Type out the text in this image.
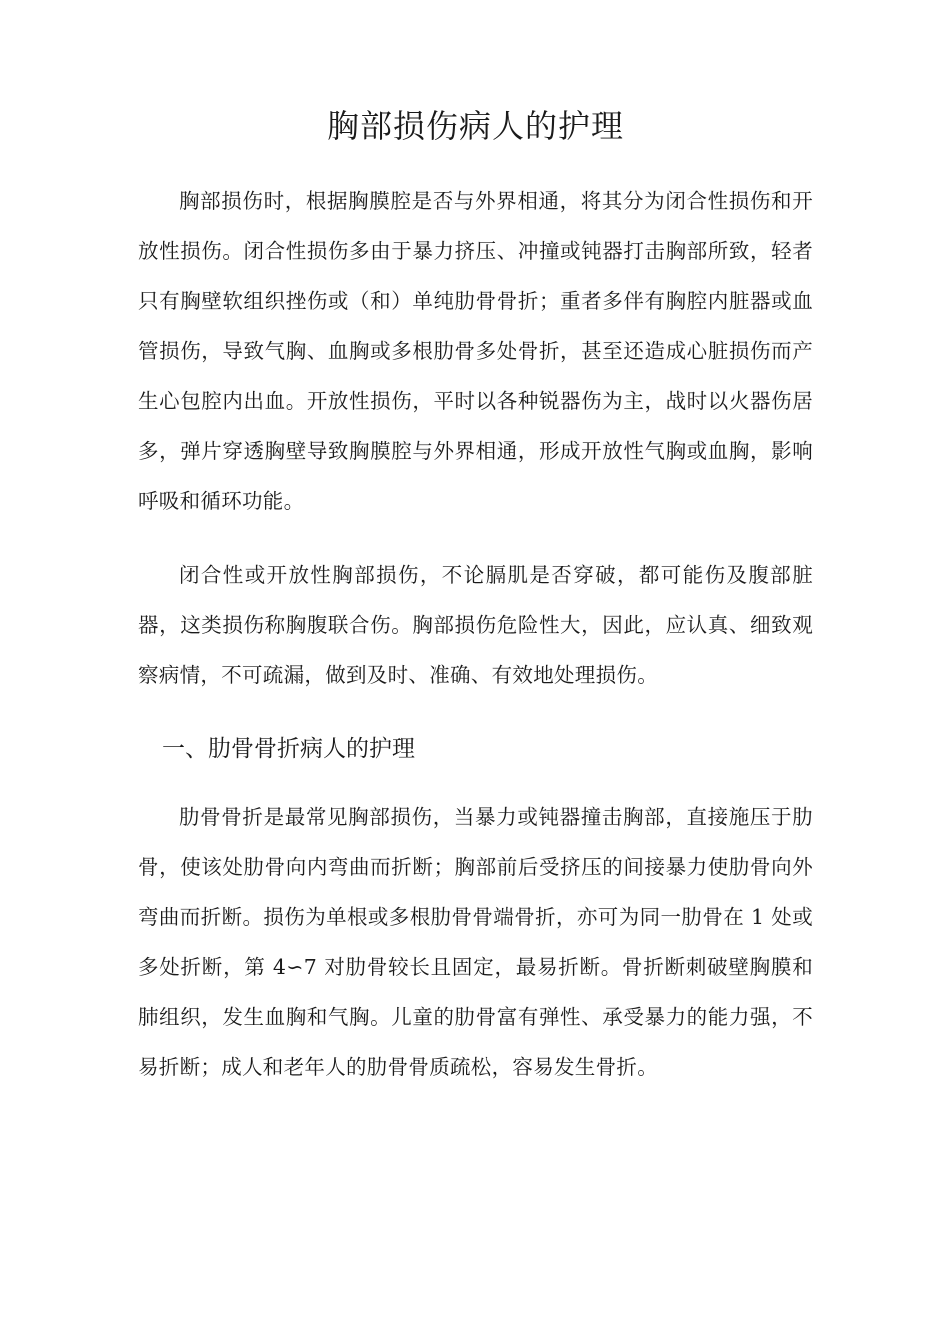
胸部损伤病人的护理

胸部损伤时，根据胸膜腔是否与外界相通，将其分为闭合性损伤和开放性损伤。闭合性损伤多由于暴力挤压、冲撞或钝器打击胸部所致，轻者只有胸壁软组织挫伤或（和）单纯肋骨骨折；重者多伴有胸腔内脏器或血管损伤，导致气胸、血胸或多根肋骨多处骨折，甚至还造成心脏损伤而产生心包腔内出血。开放性损伤，平时以各种锐器伤为主，战时以火器伤居多，弹片穿透胸壁导致胸膜腔与外界相通，形成开放性气胸或血胸，影响呼吸和循环功能。

闭合性或开放性胸部损伤，不论膈肌是否穿破，都可能伤及腹部脏器，这类损伤称胸腹联合伤。胸部损伤危险性大，因此，应认真、细致观察病情，不可疏漏，做到及时、准确、有效地处理损伤。

一、肋骨骨折病人的护理

肋骨骨折是最常见胸部损伤，当暴力或钝器撞击胸部，直接施压于肋骨，使该处肋骨向内弯曲而折断；胸部前后受挤压的间接暴力使肋骨向外弯曲而折断。损伤为单根或多根肋骨骨端骨折，亦可为同一肋骨在 1 处或多处折断，第 4∽7 对肋骨较长且固定，最易折断。骨折断刺破壁胸膜和肺组织，发生血胸和气胸。儿童的肋骨富有弹性、承受暴力的能力强，不易折断；成人和老年人的肋骨骨质疏松，容易发生骨折。
